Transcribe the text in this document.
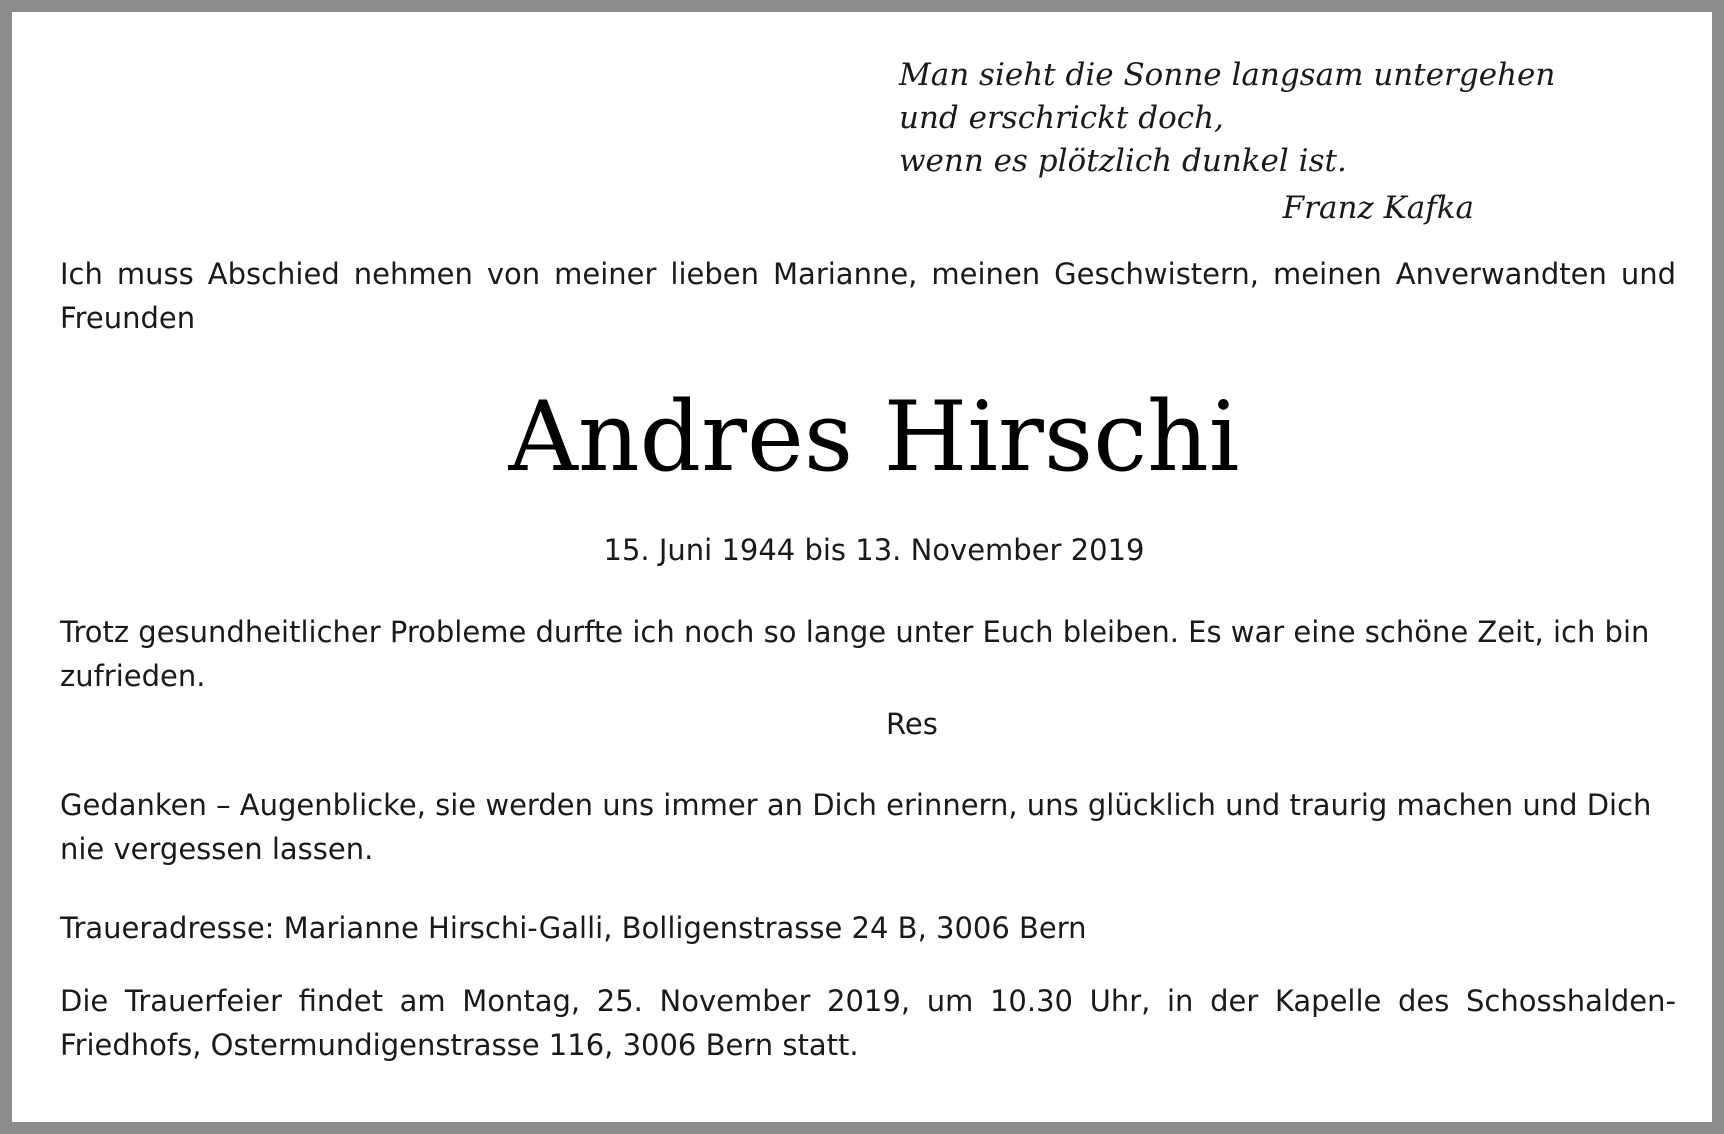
Man sieht die Sonne langsam untergehen
und erschrickt doch,
wenn es plötzlich dunkel ist.
Franz Kafka
Ich muss Abschied nehmen von meiner lieben Marianne, meinen Geschwistern, meinen Anverwandten und Freunden
Andres Hirschi
15. Juni 1944 bis 13. November 2019
Trotz gesundheitlicher Probleme durfte ich noch so lange unter Euch bleiben. Es war eine schöne Zeit, ich bin zufrieden.
Res
Gedanken – Augenblicke, sie werden uns immer an Dich erinnern, uns glücklich und traurig machen und Dich nie vergessen lassen.
Traueradresse: Marianne Hirschi-Galli, Bolligenstrasse 24 B, 3006 Bern
Die Trauerfeier findet am Montag, 25. November 2019, um 10.30 Uhr, in der Kapelle des Schosshalden-Friedhofs, Ostermundigenstrasse 116, 3006 Bern statt.
